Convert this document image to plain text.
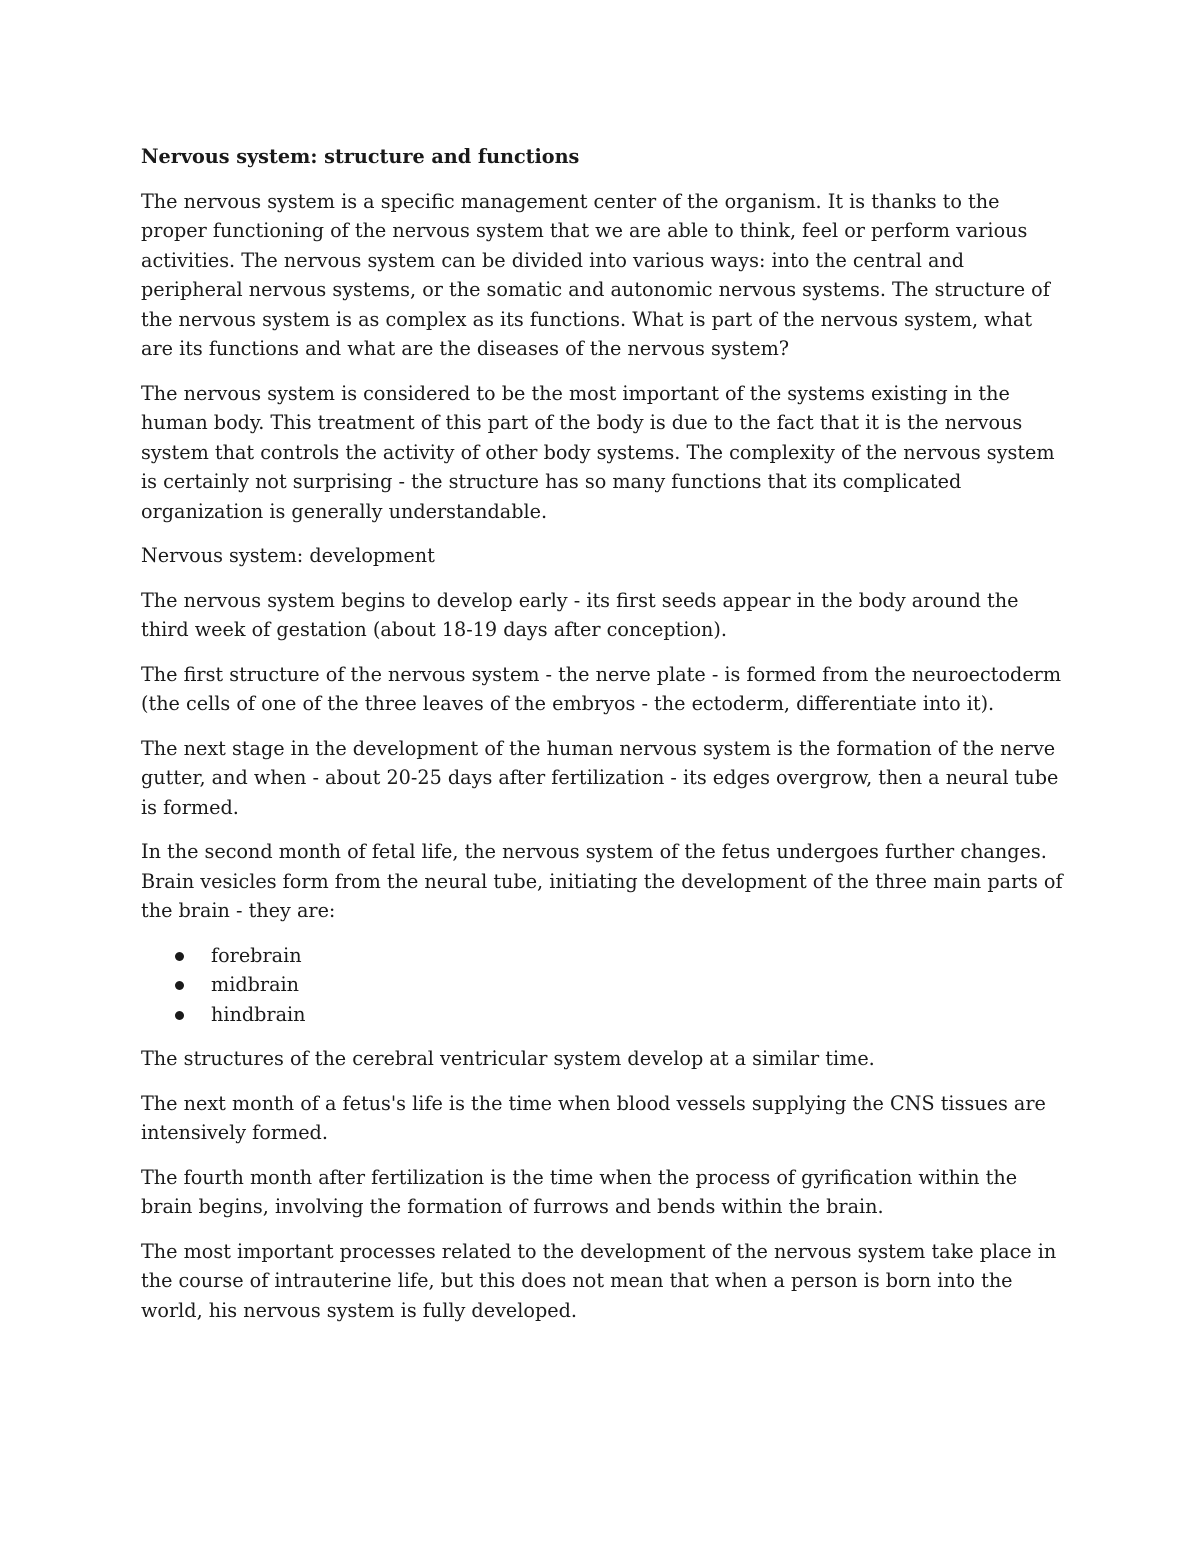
Nervous system: structure and functions

The nervous system is a specific management center of the organism. It is thanks to the proper functioning of the nervous system that we are able to think, feel or perform various activities. The nervous system can be divided into various ways: into the central and peripheral nervous systems, or the somatic and autonomic nervous systems. The structure of the nervous system is as complex as its functions. What is part of the nervous system, what are its functions and what are the diseases of the nervous system?

The nervous system is considered to be the most important of the systems existing in the human body. This treatment of this part of the body is due to the fact that it is the nervous system that controls the activity of other body systems. The complexity of the nervous system is certainly not surprising - the structure has so many functions that its complicated organization is generally understandable.

Nervous system: development

The nervous system begins to develop early - its first seeds appear in the body around the third week of gestation (about 18-19 days after conception).

The first structure of the nervous system - the nerve plate - is formed from the neuroectoderm (the cells of one of the three leaves of the embryos - the ectoderm, differentiate into it).

The next stage in the development of the human nervous system is the formation of the nerve gutter, and when - about 20-25 days after fertilization - its edges overgrow, then a neural tube is formed.

In the second month of fetal life, the nervous system of the fetus undergoes further changes. Brain vesicles form from the neural tube, initiating the development of the three main parts of the brain - they are:

forebrain
midbrain
hindbrain

The structures of the cerebral ventricular system develop at a similar time.

The next month of a fetus's life is the time when blood vessels supplying the CNS tissues are intensively formed.

The fourth month after fertilization is the time when the process of gyrification within the brain begins, involving the formation of furrows and bends within the brain.

The most important processes related to the development of the nervous system take place in the course of intrauterine life, but this does not mean that when a person is born into the world, his nervous system is fully developed.
